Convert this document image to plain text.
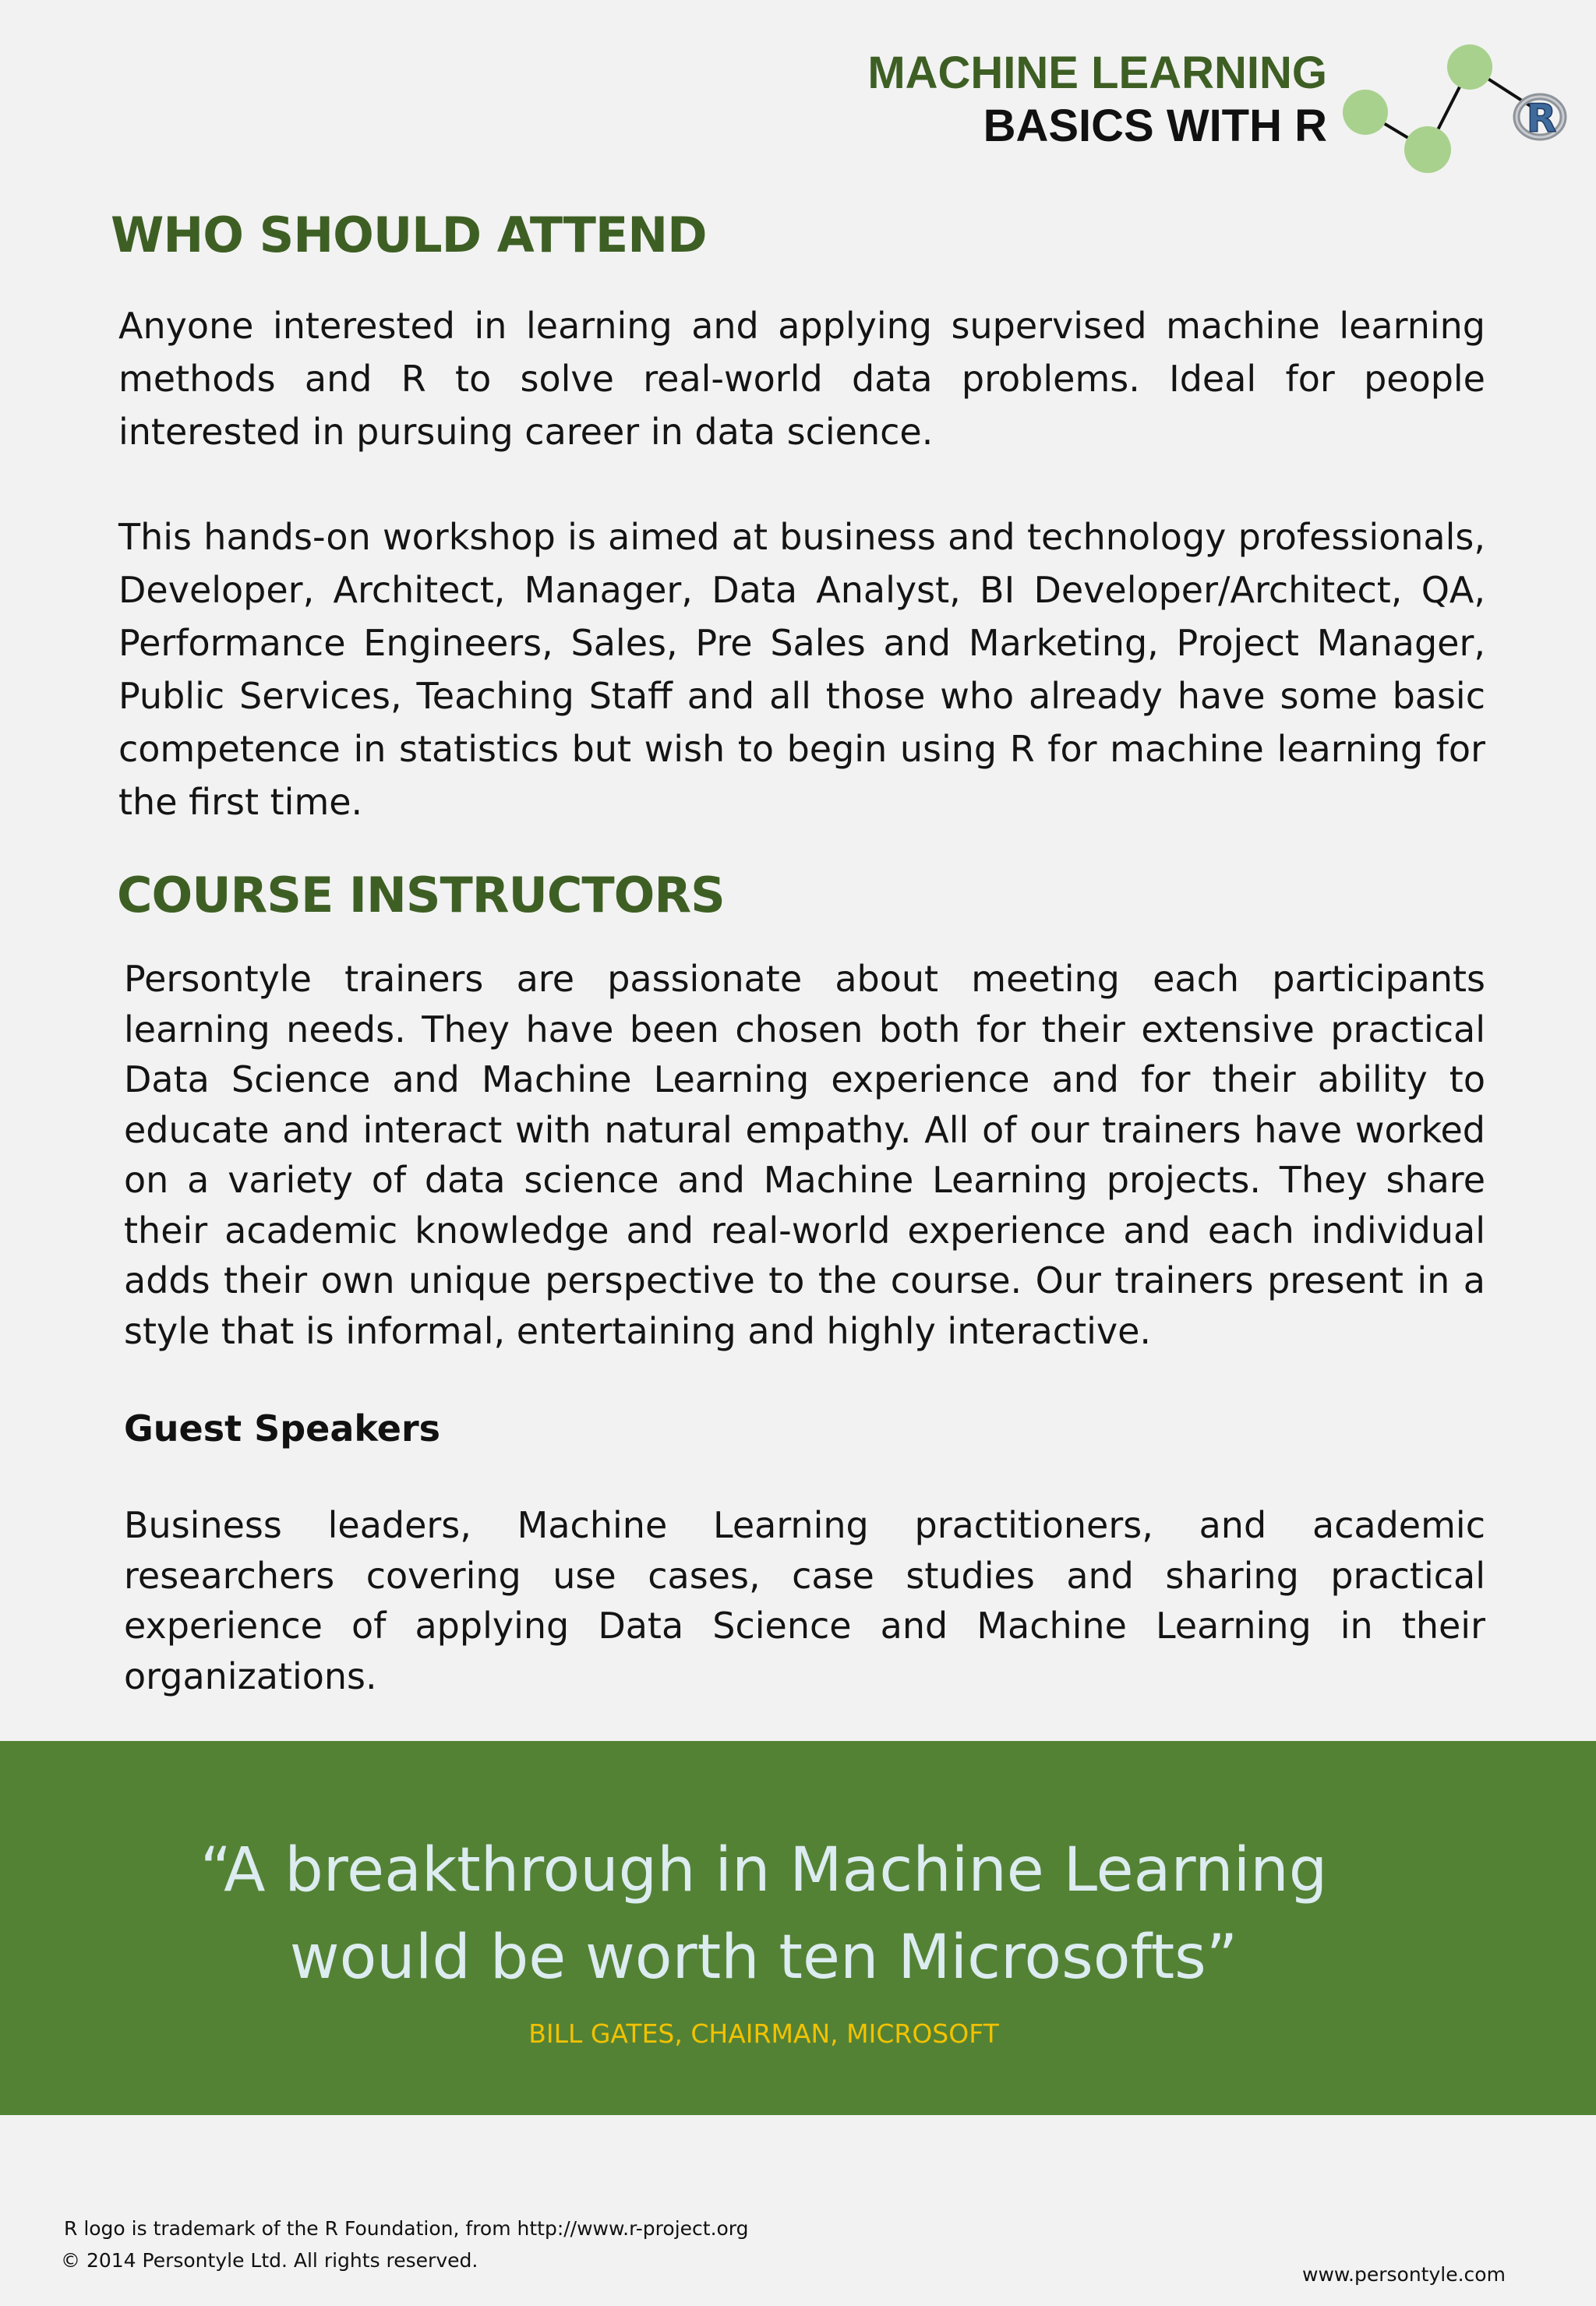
MACHINE LEARNING
BASICS WITH R	R
WHO SHOULD ATTEND

Anyone interested in learning and applying supervised machine learning methods and R to solve real-world data problems. Ideal for people interested in pursuing career in data science.

This hands-on workshop is aimed at business and technology professionals, Developer, Architect, Manager, Data Analyst, BI Developer/Architect, QA, Performance Engineers, Sales, Pre Sales and Marketing, Project Manager, Public Services, Teaching Staff and all those who already have some basic competence in statistics but wish to begin using R for machine learning for the first time.

COURSE INSTRUCTORS

Persontyle trainers are passionate about meeting each participants learning needs. They have been chosen both for their extensive practical Data Science and Machine Learning experience and for their ability to educate and interact with natural empathy. All of our trainers have worked on a variety of data science and Machine Learning projects. They share their academic knowledge and real-world experience and each individual adds their own unique perspective to the course. Our trainers present in a style that is informal, entertaining and highly interactive.

Guest Speakers

Business leaders, Machine Learning practitioners, and academic researchers covering use cases, case studies and sharing practical experience of applying Data Science and Machine Learning in their organizations.

“A breakthrough in Machine Learning
would be worth ten Microsofts”
BILL GATES, CHAIRMAN, MICROSOFT
R logo is trademark of the R Foundation, from http://www.r-project.org
© 2014 Persontyle Ltd. All rights reserved.
www.persontyle.com
